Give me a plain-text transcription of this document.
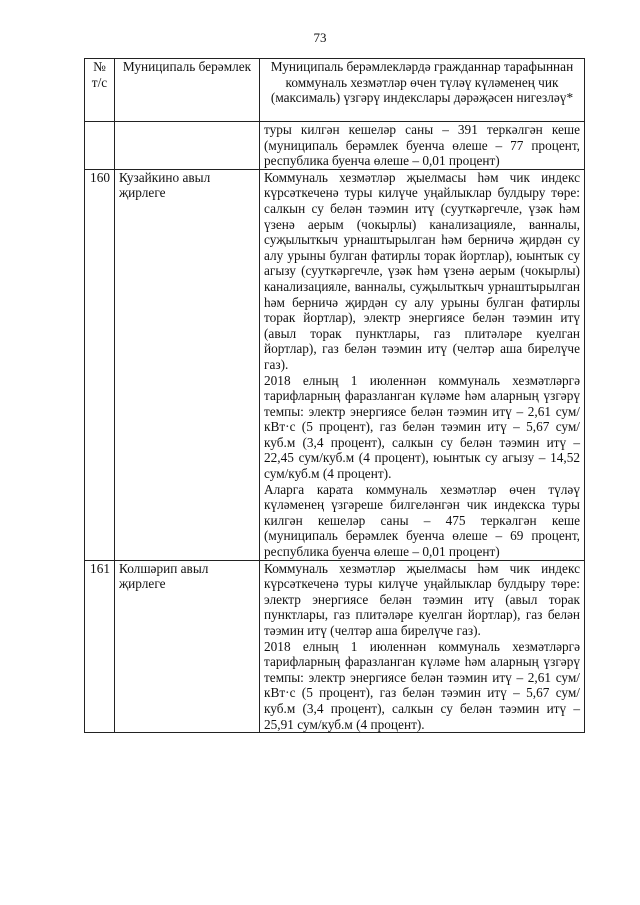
73
№ т/с	Муниципаль берәмлек	Муниципаль берәмлекләрдә гражданнар тарафыннан коммуналь хезмәтләр өчен түләү күләменең чик (максималь) үзгәрү индекслары дәрәҗәсен нигезләү*

		туры килгән кешеләр саны – 391 теркәлгән кеше (муниципаль берәмлек буенча өлеше – 77 процент, республика буенча өлеше – 0,01 процент)

160	Кузайкино авыл җирлеге	Коммуналь хезмәтләр җыелмасы һәм чик индекс күрсәткеченә туры килүче уңайлыклар булдыру төре: салкын су белән тәэмин итү (сууткәргечле, үзәк һәм үзенә аерым (чокырлы) канализацияле, ванналы, суҗылыткыч урнаштырылган һәм берничә җирдән су алу урыны булган фатирлы торак йортлар), юынтык су агызу (сууткәргечле, үзәк һәм үзенә аерым (чокырлы) канализацияле, ванналы, суҗылыткыч урнаштырылган һәм берничә җирдән су алу урыны булган фатирлы торак йортлар), электр энергиясе белән тәэмин итү (авыл торак пунктлары, газ плитәләре куелган йортлар), газ белән тәэмин итү (челтәр аша бирелүче газ).

2018 елның 1 июленнән коммуналь хезмәтләргә тарифларның фаразланган күләме һәм аларның үзгәрү темпы: электр энергиясе белән тәэмин итү – 2,61 сум/кВт·с (5 процент), газ белән тәэмин итү – 5,67 сум/куб.м (3,4 процент), салкын су белән тәэмин итү – 22,45 сум/куб.м (4 процент), юынтык су агызу – 14,52 сум/куб.м (4 процент).

Аларга карата коммуналь хезмәтләр өчен түләү күләменең үзгәреше билгеләнгән чик индекска туры килгән кешеләр саны – 475 теркәлгән кеше (муниципаль берәмлек буенча өлеше – 69 процент, республика буенча өлеше – 0,01 процент)

161	Колшәрип авыл җирлеге	Коммуналь хезмәтләр җыелмасы һәм чик индекс күрсәткеченә туры килүче уңайлыклар булдыру төре: электр энергиясе белән тәэмин итү (авыл торак пунктлары, газ плитәләре куелган йортлар), газ белән тәэмин итү (челтәр аша бирелүче газ).

2018 елның 1 июленнән коммуналь хезмәтләргә тарифларның фаразланган күләме һәм аларның үзгәрү темпы: электр энергиясе белән тәэмин итү – 2,61 сум/кВт·с (5 процент), газ белән тәэмин итү – 5,67 сум/куб.м (3,4 процент), салкын су белән тәэмин итү – 25,91 сум/куб.м (4 процент).
